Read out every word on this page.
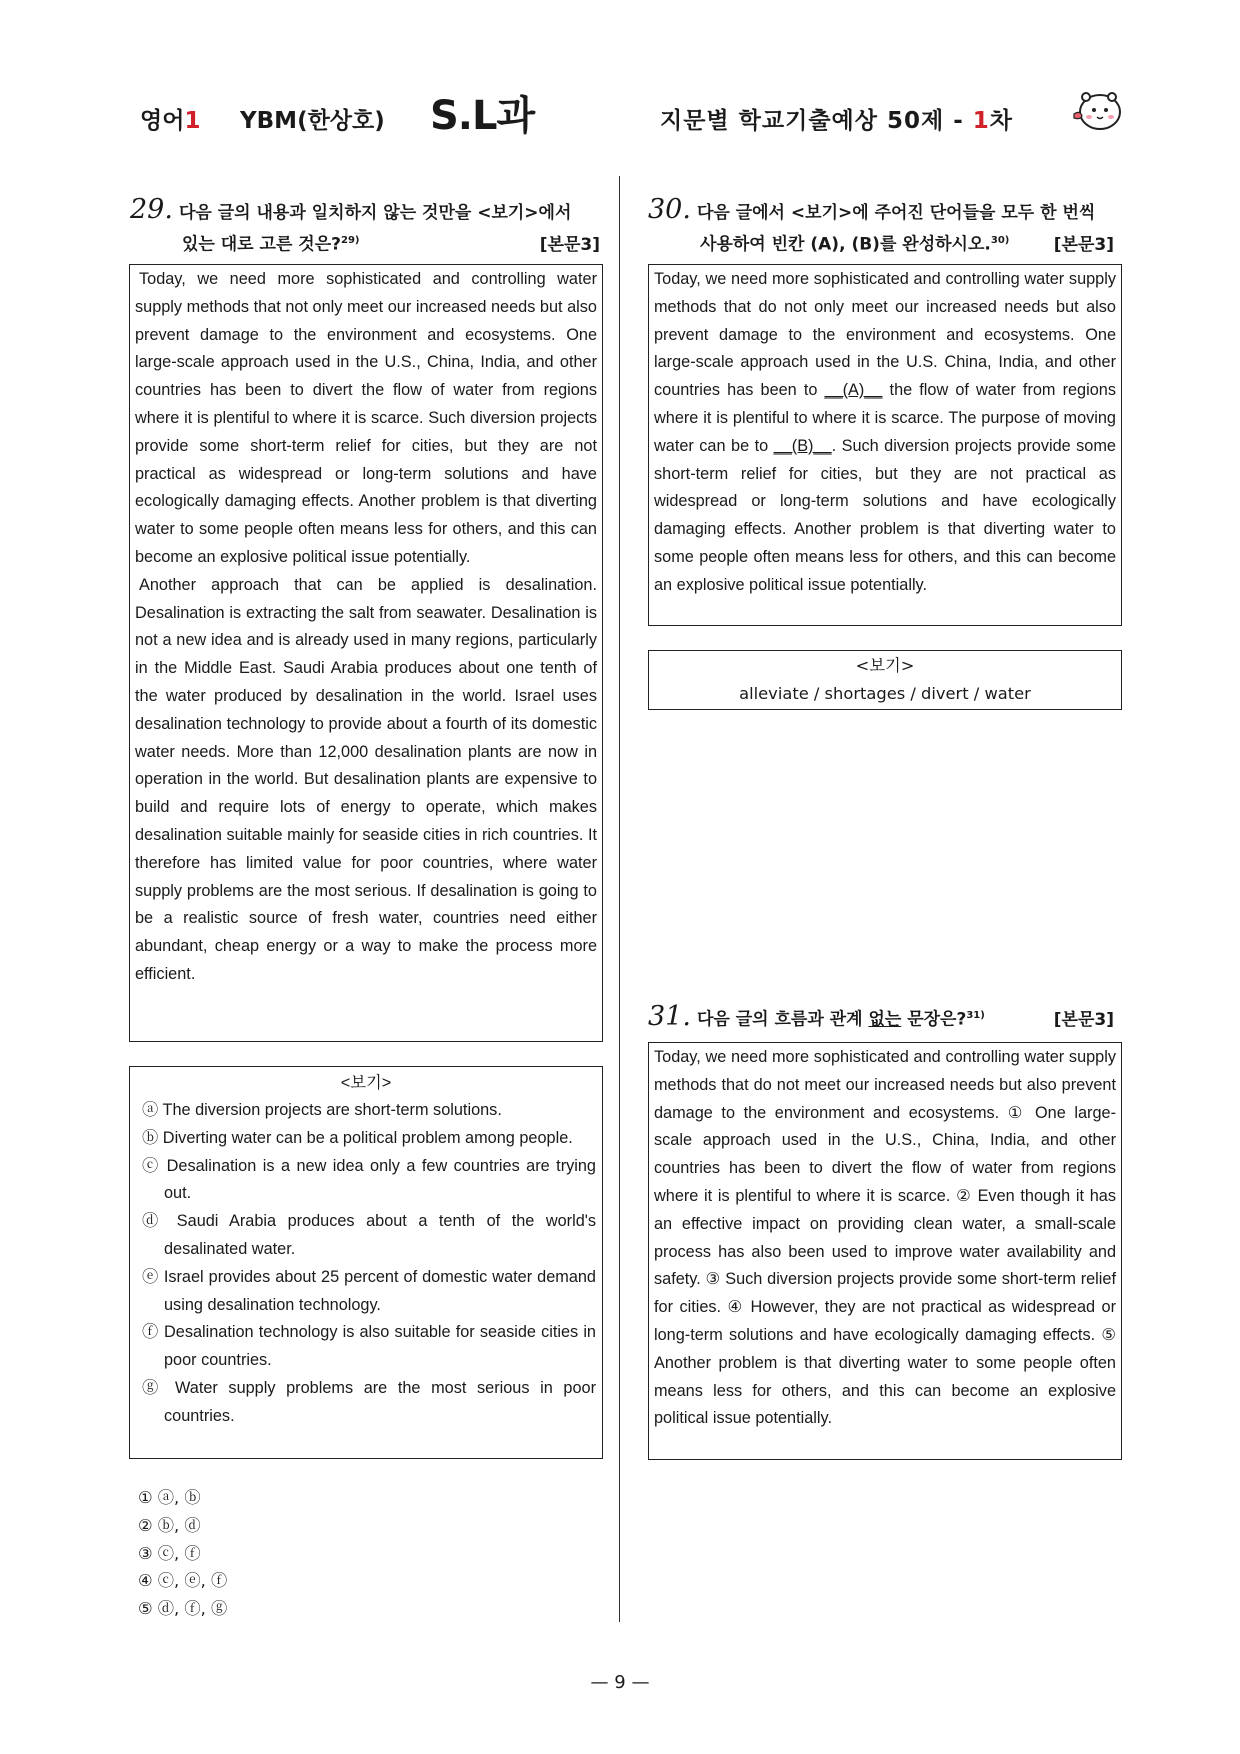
영어1 YBM(한상호) S.L과	지문별 학교기출예상 50제 - 1차
29. 다음 글의 내용과 일치하지 않는 것만을 <보기>에서
있는 대로 고른 것은?$^{29)}$	[본문3]

Today, we need more sophisticated and controlling water supply methods that not only meet our increased needs but also prevent damage to the environment and ecosystems. One large-scale approach used in the U.S., China, India, and other countries has been to divert the flow of water from regions where it is plentiful to where it is scarce. Such diversion projects provide some short-term relief for cities, but they are not practical as widespread or long-term solutions and have ecologically damaging effects. Another problem is that diverting water to some people often means less for others, and this can become an explosive political issue potentially.

Another approach that can be applied is desalination. Desalination is extracting the salt from seawater. Desalination is not a new idea and is already used in many regions, particularly in the Middle East. Saudi Arabia produces about one tenth of the water produced by desalination in the world. Israel uses desalination technology to provide about a fourth of its domestic water needs. More than 12,000 desalination plants are now in operation in the world. But desalination plants are expensive to build and require lots of energy to operate, which makes desalination suitable mainly for seaside cities in rich countries. It therefore has limited value for poor countries, where water supply problems are the most serious. If desalination is going to be a realistic source of fresh water, countries need either abundant, cheap energy or a way to make the process more efficient.

<보기>
ⓐ The diversion projects are short-term solutions.
ⓑ Diverting water can be a political problem among people.
ⓒ Desalination is a new idea only a few countries are trying out.
ⓓ Saudi Arabia produces about a tenth of the world's desalinated water.
ⓔ Israel provides about 25 percent of domestic water demand using desalination technology.
ⓕ Desalination technology is also suitable for seaside cities in poor countries.
ⓖ Water supply problems are the most serious in poor countries.
① ⓐ, ⓑ
② ⓑ, ⓓ
③ ⓒ, ⓕ
④ ⓒ, ⓔ, ⓕ
⑤ ⓓ, ⓕ, ⓖ
30. 다음 글에서 <보기>에 주어진 단어들을 모두 한 번씩
사용하여 빈칸 (A), (B)를 완성하시오.$^{30)}$	[본문3]

Today, we need more sophisticated and controlling water supply methods that do not only meet our increased needs but also prevent damage to the environment and ecosystems. One large-scale approach used in the U.S. China, India, and other countries has been to __(A)__ the flow of water from regions where it is plentiful to where it is scarce. The purpose of moving water can be to __(B)__. Such diversion projects provide some short-term relief for cities, but they are not practical as widespread or long-term solutions and have ecologically damaging effects. Another problem is that diverting water to some people often means less for others, and this can become an explosive political issue potentially.

<보기>
alleviate / shortages / divert / water
31. 다음 글의 흐름과 관계 없는 문장은?$^{31)}$	[본문3]

Today, we need more sophisticated and controlling water supply methods that do not meet our increased needs but also prevent damage to the environment and ecosystems. ① One large-scale approach used in the U.S., China, India, and other countries has been to divert the flow of water from regions where it is plentiful to where it is scarce. ② Even though it has an effective impact on providing clean water, a small-scale process has also been used to improve water availability and safety. ③ Such diversion projects provide some short-term relief for cities. ④ However, they are not practical as widespread or long-term solutions and have ecologically damaging effects. ⑤ Another problem is that diverting water to some people often means less for others, and this can become an explosive political issue potentially.

— 9 —
